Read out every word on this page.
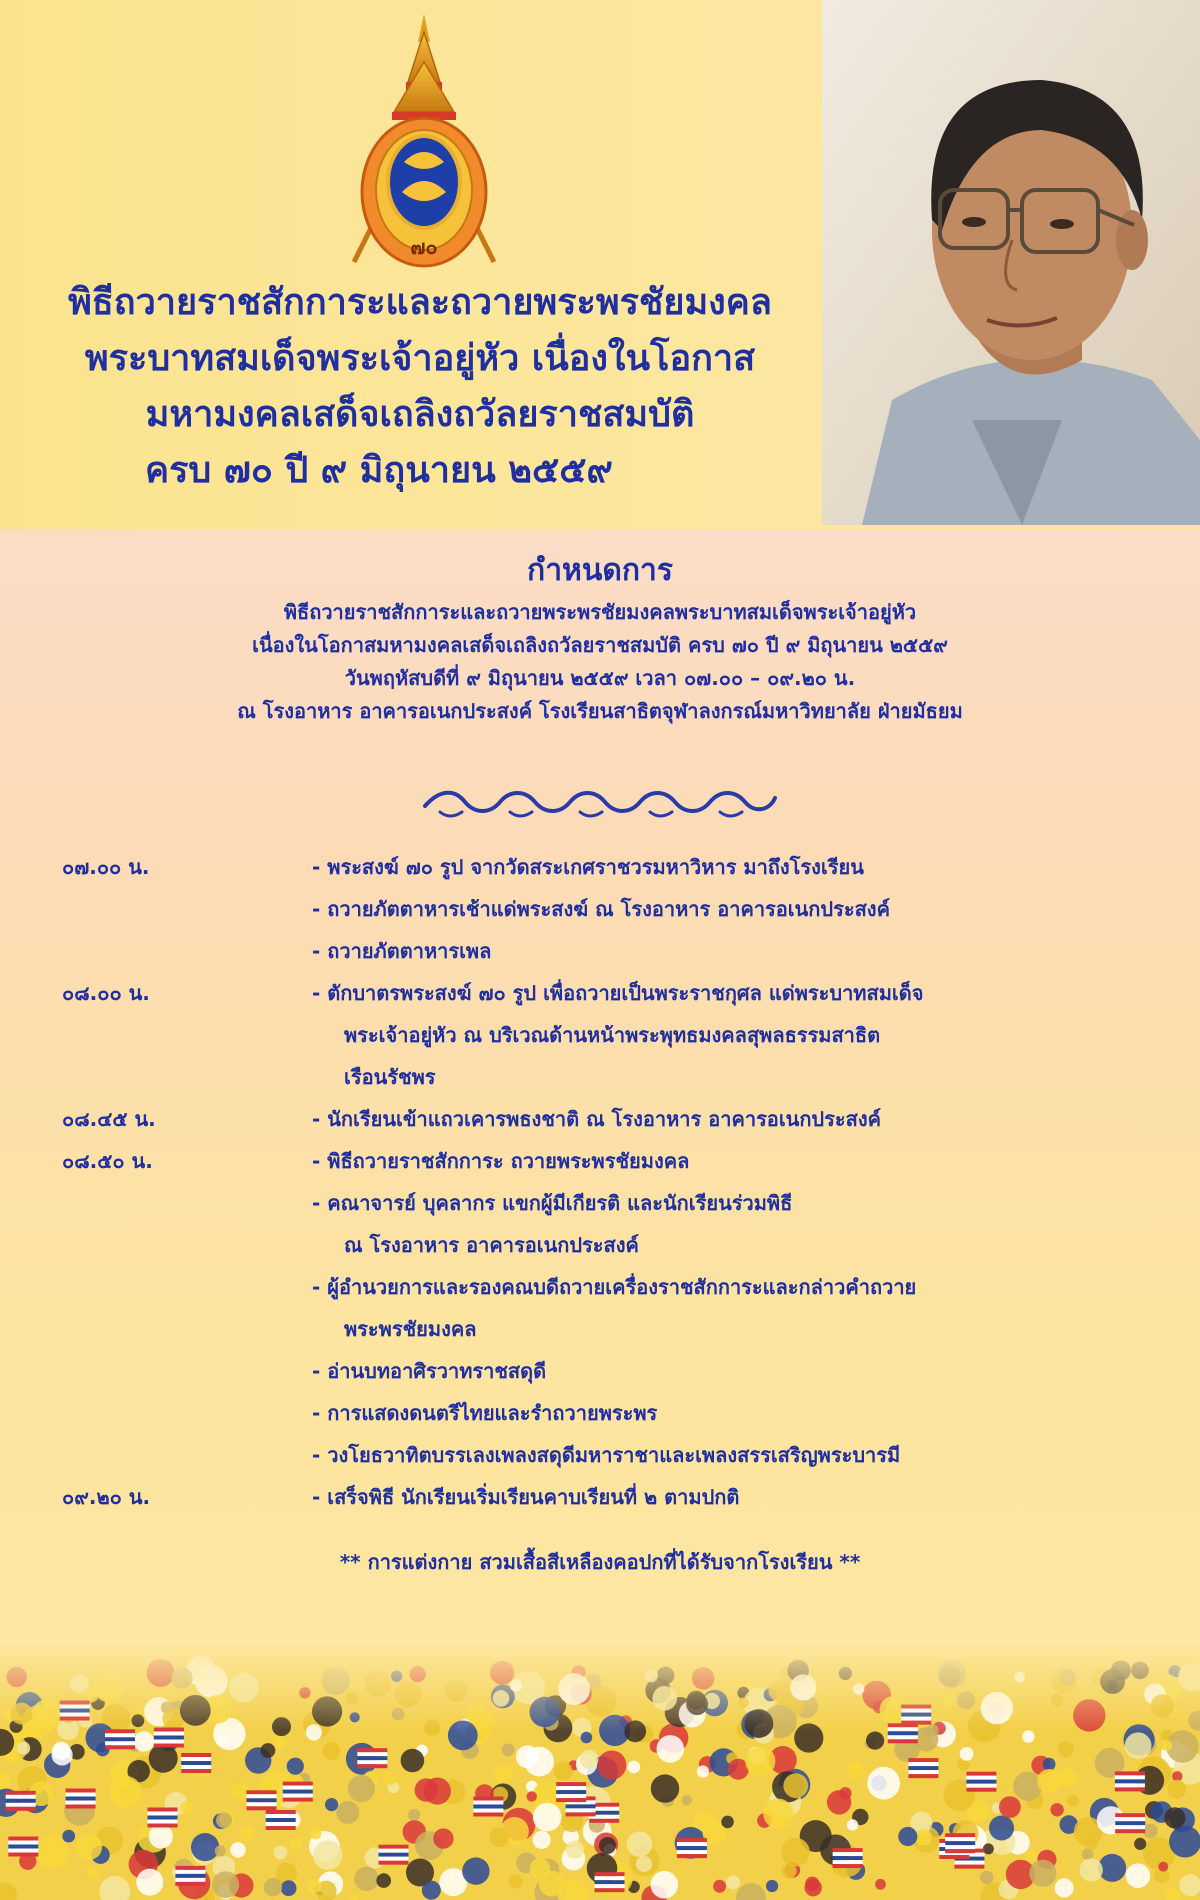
๗๐
พิธีถวายราชสักการะและถวายพระพรชัยมงคล
พระบาทสมเด็จพระเจ้าอยู่หัว เนื่องในโอกาส
มหามงคลเสด็จเถลิงถวัลยราชสมบัติ
ครบ ๗๐ ปี ๙ มิถุนายน ๒๕๕๙
กำหนดการ
พิธีถวายราชสักการะและถวายพระพรชัยมงคลพระบาทสมเด็จพระเจ้าอยู่หัว
เนื่องในโอกาสมหามงคลเสด็จเถลิงถวัลยราชสมบัติ ครบ ๗๐ ปี ๙ มิถุนายน ๒๕๕๙
วันพฤหัสบดีที่ ๙ มิถุนายน ๒๕๕๙ เวลา ๐๗.๐๐ – ๐๙.๒๐ น.
ณ โรงอาหาร อาคารอเนกประสงค์ โรงเรียนสาธิตจุฬาลงกรณ์มหาวิทยาลัย ฝ่ายมัธยม
๐๗.๐๐ น.	- พระสงฆ์ ๗๐ รูป จากวัดสระเกศราชวรมหาวิหาร มาถึงโรงเรียน
- ถวายภัตตาหารเช้าแด่พระสงฆ์ ณ โรงอาหาร อาคารอเนกประสงค์
- ถวายภัตตาหารเพล
๐๘.๐๐ น.	- ตักบาตรพระสงฆ์ ๗๐ รูป เพื่อถวายเป็นพระราชกุศล แด่พระบาทสมเด็จ
พระเจ้าอยู่หัว ณ บริเวณด้านหน้าพระพุทธมงคลสุพลธรรมสาธิต
เรือนรัชพร
๐๘.๔๕ น.	- นักเรียนเข้าแถวเคารพธงชาติ ณ โรงอาหาร อาคารอเนกประสงค์
๐๘.๕๐ น.	- พิธีถวายราชสักการะ ถวายพระพรชัยมงคล
- คณาจารย์ บุคลากร แขกผู้มีเกียรติ และนักเรียนร่วมพิธี
ณ โรงอาหาร อาคารอเนกประสงค์
- ผู้อำนวยการและรองคณบดีถวายเครื่องราชสักการะและกล่าวคำถวาย
พระพรชัยมงคล
- อ่านบทอาศิรวาทราชสดุดี
- การแสดงดนตรีไทยและรำถวายพระพร
- วงโยธวาทิตบรรเลงเพลงสดุดีมหาราชาและเพลงสรรเสริญพระบารมี
๐๙.๒๐ น.	- เสร็จพิธี นักเรียนเริ่มเรียนคาบเรียนที่ ๒ ตามปกติ
** การแต่งกาย สวมเสื้อสีเหลืองคอปกที่ได้รับจากโรงเรียน **
